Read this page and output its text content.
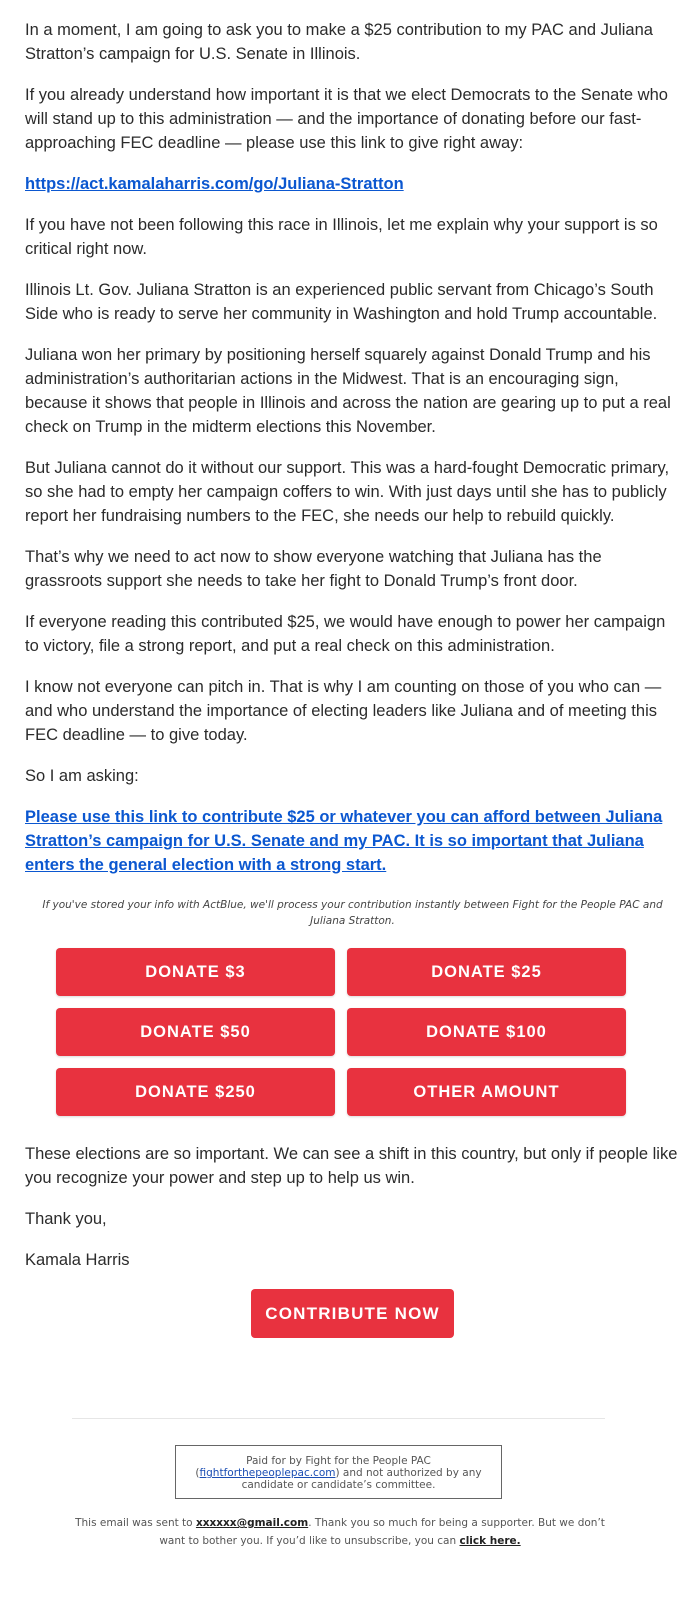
In a moment, I am going to ask you to make a $25 contribution to my PAC and Juliana Stratton’s campaign for U.S. Senate in Illinois.

If you already understand how important it is that we elect Democrats to the Senate who will stand up to this administration — and the importance of donating before our fast-approaching FEC deadline — please use this link to give right away:

https://act.kamalaharris.com/go/Juliana-Stratton

If you have not been following this race in Illinois, let me explain why your support is so critical right now.

Illinois Lt. Gov. Juliana Stratton is an experienced public servant from Chicago’s South Side who is ready to serve her community in Washington and hold Trump accountable.

Juliana won her primary by positioning herself squarely against Donald Trump and his administration’s authoritarian actions in the Midwest. That is an encouraging sign, because it shows that people in Illinois and across the nation are gearing up to put a real check on Trump in the midterm elections this November.

But Juliana cannot do it without our support. This was a hard-fought Democratic primary, so she had to empty her campaign coffers to win. With just days until she has to publicly report her fundraising numbers to the FEC, she needs our help to rebuild quickly.

That’s why we need to act now to show everyone watching that Juliana has the grassroots support she needs to take her fight to Donald Trump’s front door.

If everyone reading this contributed $25, we would have enough to power her campaign to victory, file a strong report, and put a real check on this administration.

I know not everyone can pitch in. That is why I am counting on those of you who can — and who understand the importance of electing leaders like Juliana and of meeting this FEC deadline — to give today.

So I am asking:

Please use this link to contribute $25 or whatever you can afford between Juliana Stratton’s campaign for U.S. Senate and my PAC. It is so important that Juliana enters the general election with a strong start.

If you've stored your info with ActBlue, we'll process your contribution instantly between Fight for the People PAC and Juliana Stratton.

DONATE $3	DONATE $25
DONATE $50	DONATE $100
DONATE $250	OTHER AMOUNT

These elections are so important. We can see a shift in this country, but only if people like you recognize your power and step up to help us win.

Thank you,

Kamala Harris

CONTRIBUTE NOW
Paid for by Fight for the People PAC
(fightforthepeoplepac.com) and not authorized by any candidate or candidate’s committee.
This email was sent to xxxxxx@gmail.com. Thank you so much for being a supporter. But we don’t want to bother you. If you’d like to unsubscribe, you can click here.
